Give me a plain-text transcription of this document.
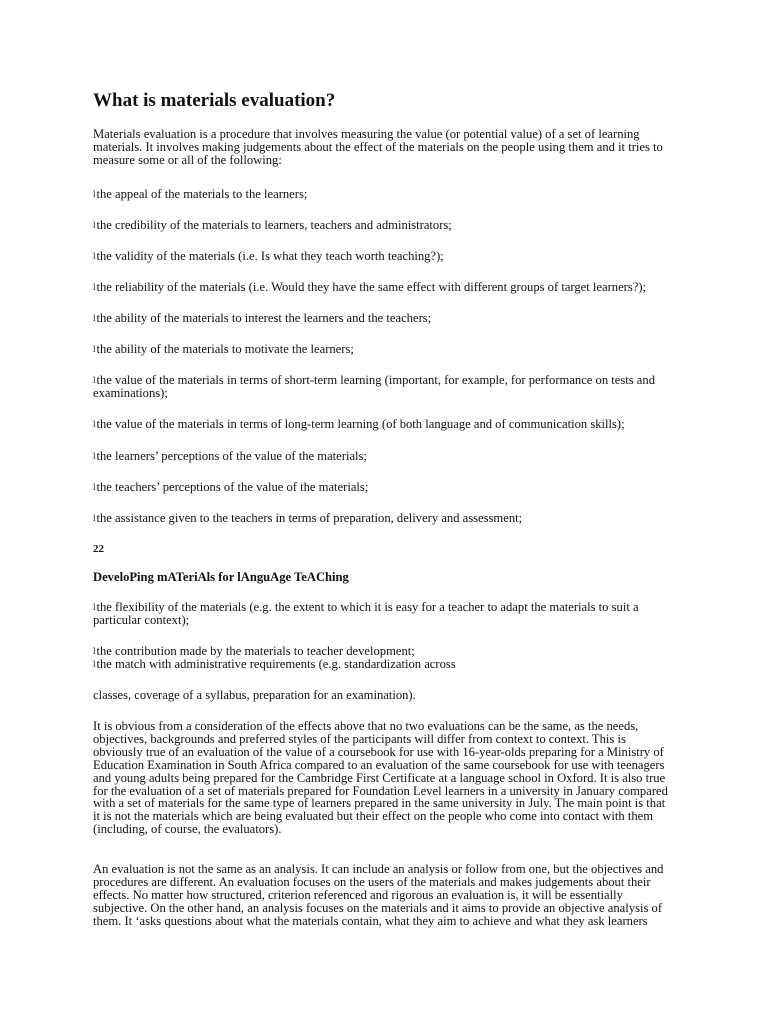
What is materials evaluation?

Materials evaluation is a procedure that involves measuring the value (or potential value) of a set of learning materials. It involves making judgements about the effect of the materials on the people using them and it tries to measure some or all of the following:

lthe appeal of the materials to the learners;

lthe credibility of the materials to learners, teachers and administrators;

lthe validity of the materials (i.e. Is what they teach worth teaching?);

lthe reliability of the materials (i.e. Would they have the same effect with different groups of target learners?);

lthe ability of the materials to interest the learners and the teachers;

lthe ability of the materials to motivate the learners;

lthe value of the materials in terms of short-term learning (important, for example, for performance on tests and examinations);

lthe value of the materials in terms of long-term learning (of both language and of communication skills);

lthe learners’ perceptions of the value of the materials;

lthe teachers’ perceptions of the value of the materials;

lthe assistance given to the teachers in terms of preparation, delivery and assessment;

22

DeveloPing mATeriAls for lAnguAge TeAChing

lthe flexibility of the materials (e.g. the extent to which it is easy for a teacher to adapt the materials to suit a particular context);

lthe contribution made by the materials to teacher development;

lthe match with administrative requirements (e.g. standardization across

classes, coverage of a syllabus, preparation for an examination).

It is obvious from a consideration of the effects above that no two evaluations can be the same, as the needs, objectives, backgrounds and preferred styles of the participants will differ from context to context. This is obviously true of an evaluation of the value of a coursebook for use with 16-year-olds preparing for a Ministry of Education Examination in South Africa compared to an evaluation of the same coursebook for use with teenagers and young adults being prepared for the Cambridge First Certificate at a language school in Oxford. It is also true for the evaluation of a set of materials prepared for Foundation Level learners in a university in January compared with a set of materials for the same type of learners prepared in the same university in July. The main point is that it is not the materials which are being evaluated but their effect on the people who come into contact with them (including, of course, the evaluators).

An evaluation is not the same as an analysis. It can include an analysis or follow from one, but the objectives and procedures are different. An evaluation focuses on the users of the materials and makes judgements about their effects. No matter how structured, criterion referenced and rigorous an evaluation is, it will be essentially subjective. On the other hand, an analysis focuses on the materials and it aims to provide an objective analysis of them. It ‘asks questions about what the materials contain, what they aim to achieve and what they ask learners
